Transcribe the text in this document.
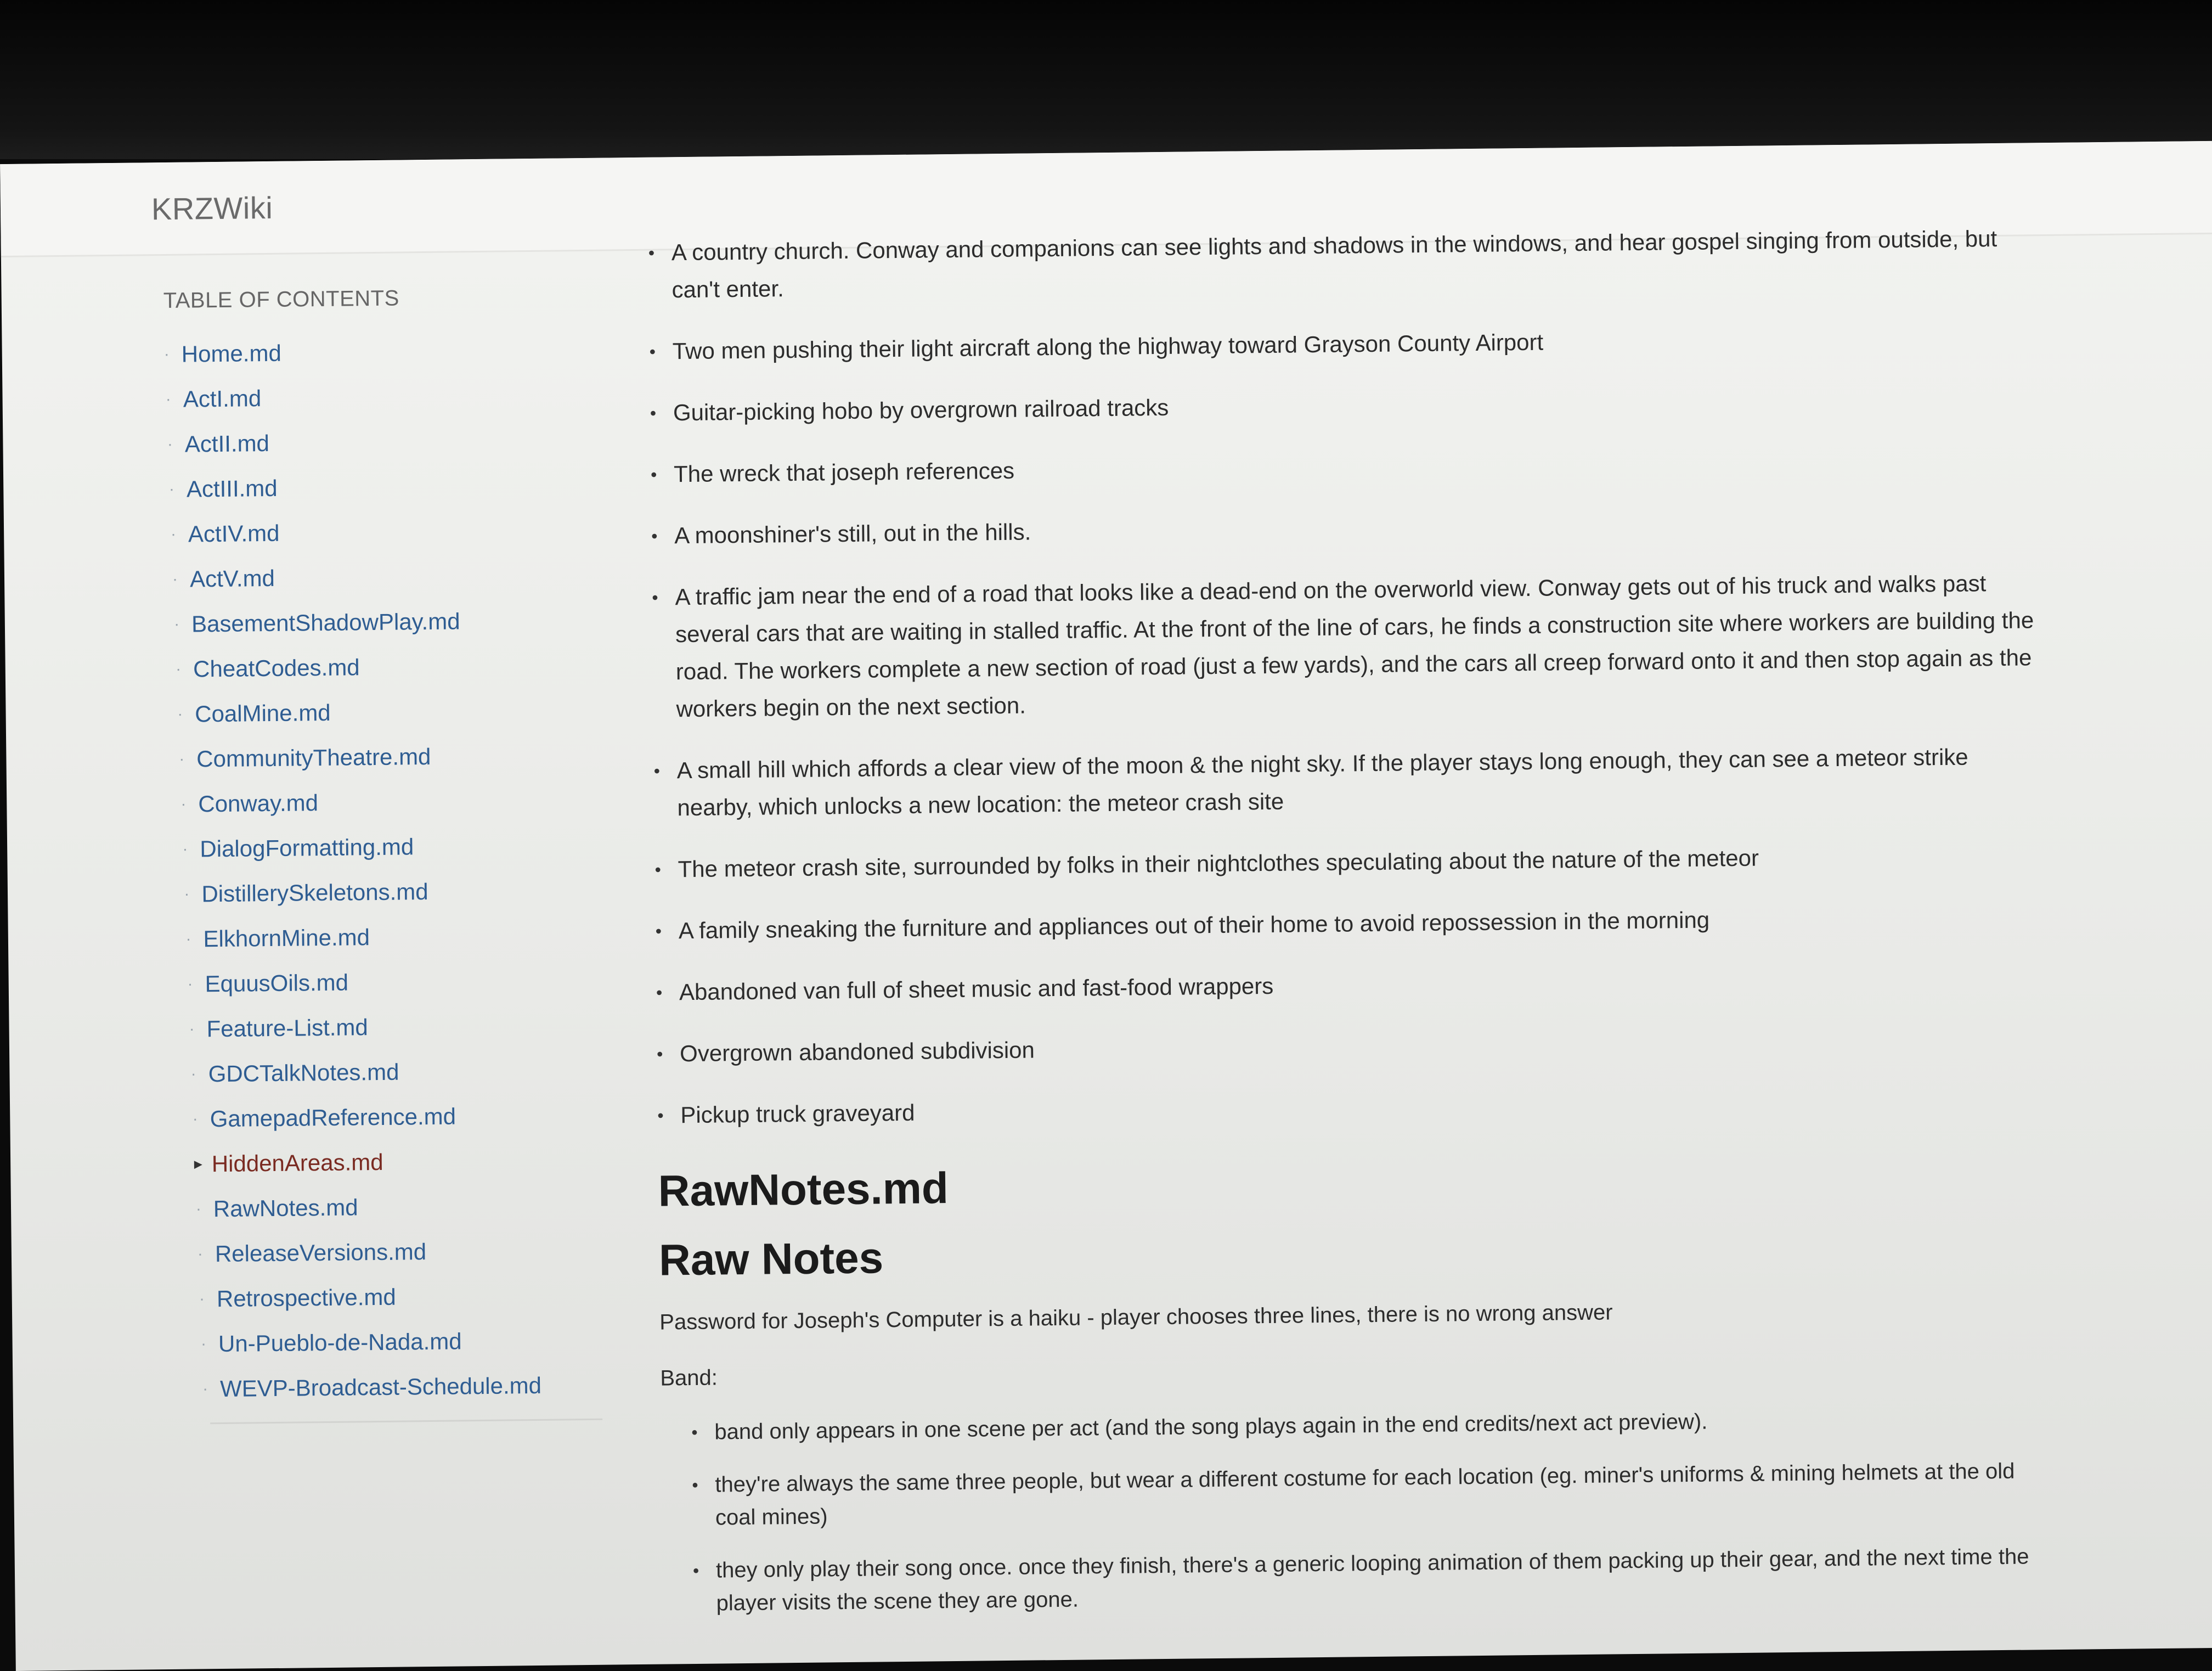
KRZWiki
TABLE OF CONTENTS
· Home.md
· ActI.md
· ActII.md
· ActIII.md
· ActIV.md
· ActV.md
· BasementShadowPlay.md
· CheatCodes.md
· CoalMine.md
· CommunityTheatre.md
· Conway.md
· DialogFormatting.md
· DistillerySkeletons.md
· ElkhornMine.md
· EquusOils.md
· Feature-List.md
· GDCTalkNotes.md
· GamepadReference.md
▸ HiddenAreas.md
· RawNotes.md
· ReleaseVersions.md
· Retrospective.md
· Un-Pueblo-de-Nada.md
· WEVP-Broadcast-Schedule.md
• A country church. Conway and companions can see lights and shadows in the windows, and hear gospel singing from outside, but can't enter.
• Two men pushing their light aircraft along the highway toward Grayson County Airport
• Guitar-picking hobo by overgrown railroad tracks
• The wreck that joseph references
• A moonshiner's still, out in the hills.
• A traffic jam near the end of a road that looks like a dead-end on the overworld view. Conway gets out of his truck and walks past several cars that are waiting in stalled traffic. At the front of the line of cars, he finds a construction site where workers are building the road. The workers complete a new section of road (just a few yards), and the cars all creep forward onto it and then stop again as the workers begin on the next section.
• A small hill which affords a clear view of the moon & the night sky. If the player stays long enough, they can see a meteor strike nearby, which unlocks a new location: the meteor crash site
• The meteor crash site, surrounded by folks in their nightclothes speculating about the nature of the meteor
• A family sneaking the furniture and appliances out of their home to avoid repossession in the morning
• Abandoned van full of sheet music and fast-food wrappers
• Overgrown abandoned subdivision
• Pickup truck graveyard
RawNotes.md
Raw Notes

Password for Joseph's Computer is a haiku - player chooses three lines, there is no wrong answer

Band:

• band only appears in one scene per act (and the song plays again in the end credits/next act preview).
• they're always the same three people, but wear a different costume for each location (eg. miner's uniforms & mining helmets at the old coal mines)
• they only play their song once. once they finish, there's a generic looping animation of them packing up their gear, and the next time the player visits the scene they are gone.
